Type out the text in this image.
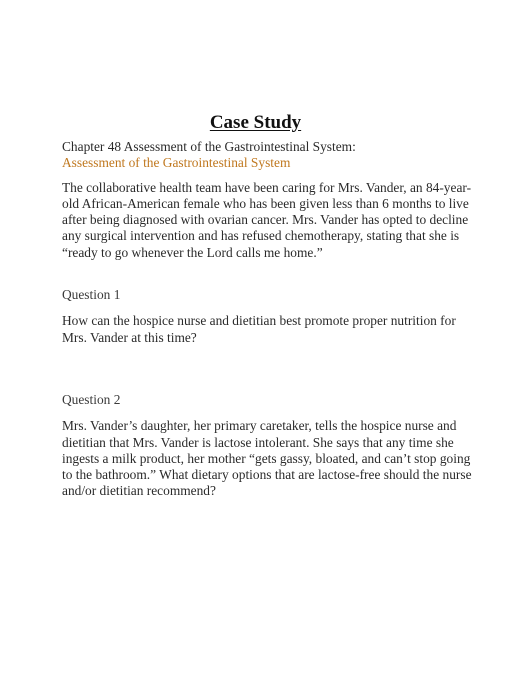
Case Study

Chapter 48 Assessment of the Gastrointestinal System:

Assessment of the Gastrointestinal System

The collaborative health team have been caring for Mrs. Vander, an 84-year-old African-American female who has been given less than 6 months to live after being diagnosed with ovarian cancer. Mrs. Vander has opted to decline any surgical intervention and has refused chemotherapy, stating that she is “ready to go whenever the Lord calls me home.”

Question 1

How can the hospice nurse and dietitian best promote proper nutrition for Mrs. Vander at this time?

Question 2

Mrs. Vander’s daughter, her primary caretaker, tells the hospice nurse and dietitian that Mrs. Vander is lactose intolerant. She says that any time she ingests a milk product, her mother “gets gassy, bloated, and can’t stop going to the bathroom.” What dietary options that are lactose-free should the nurse and/or dietitian recommend?
